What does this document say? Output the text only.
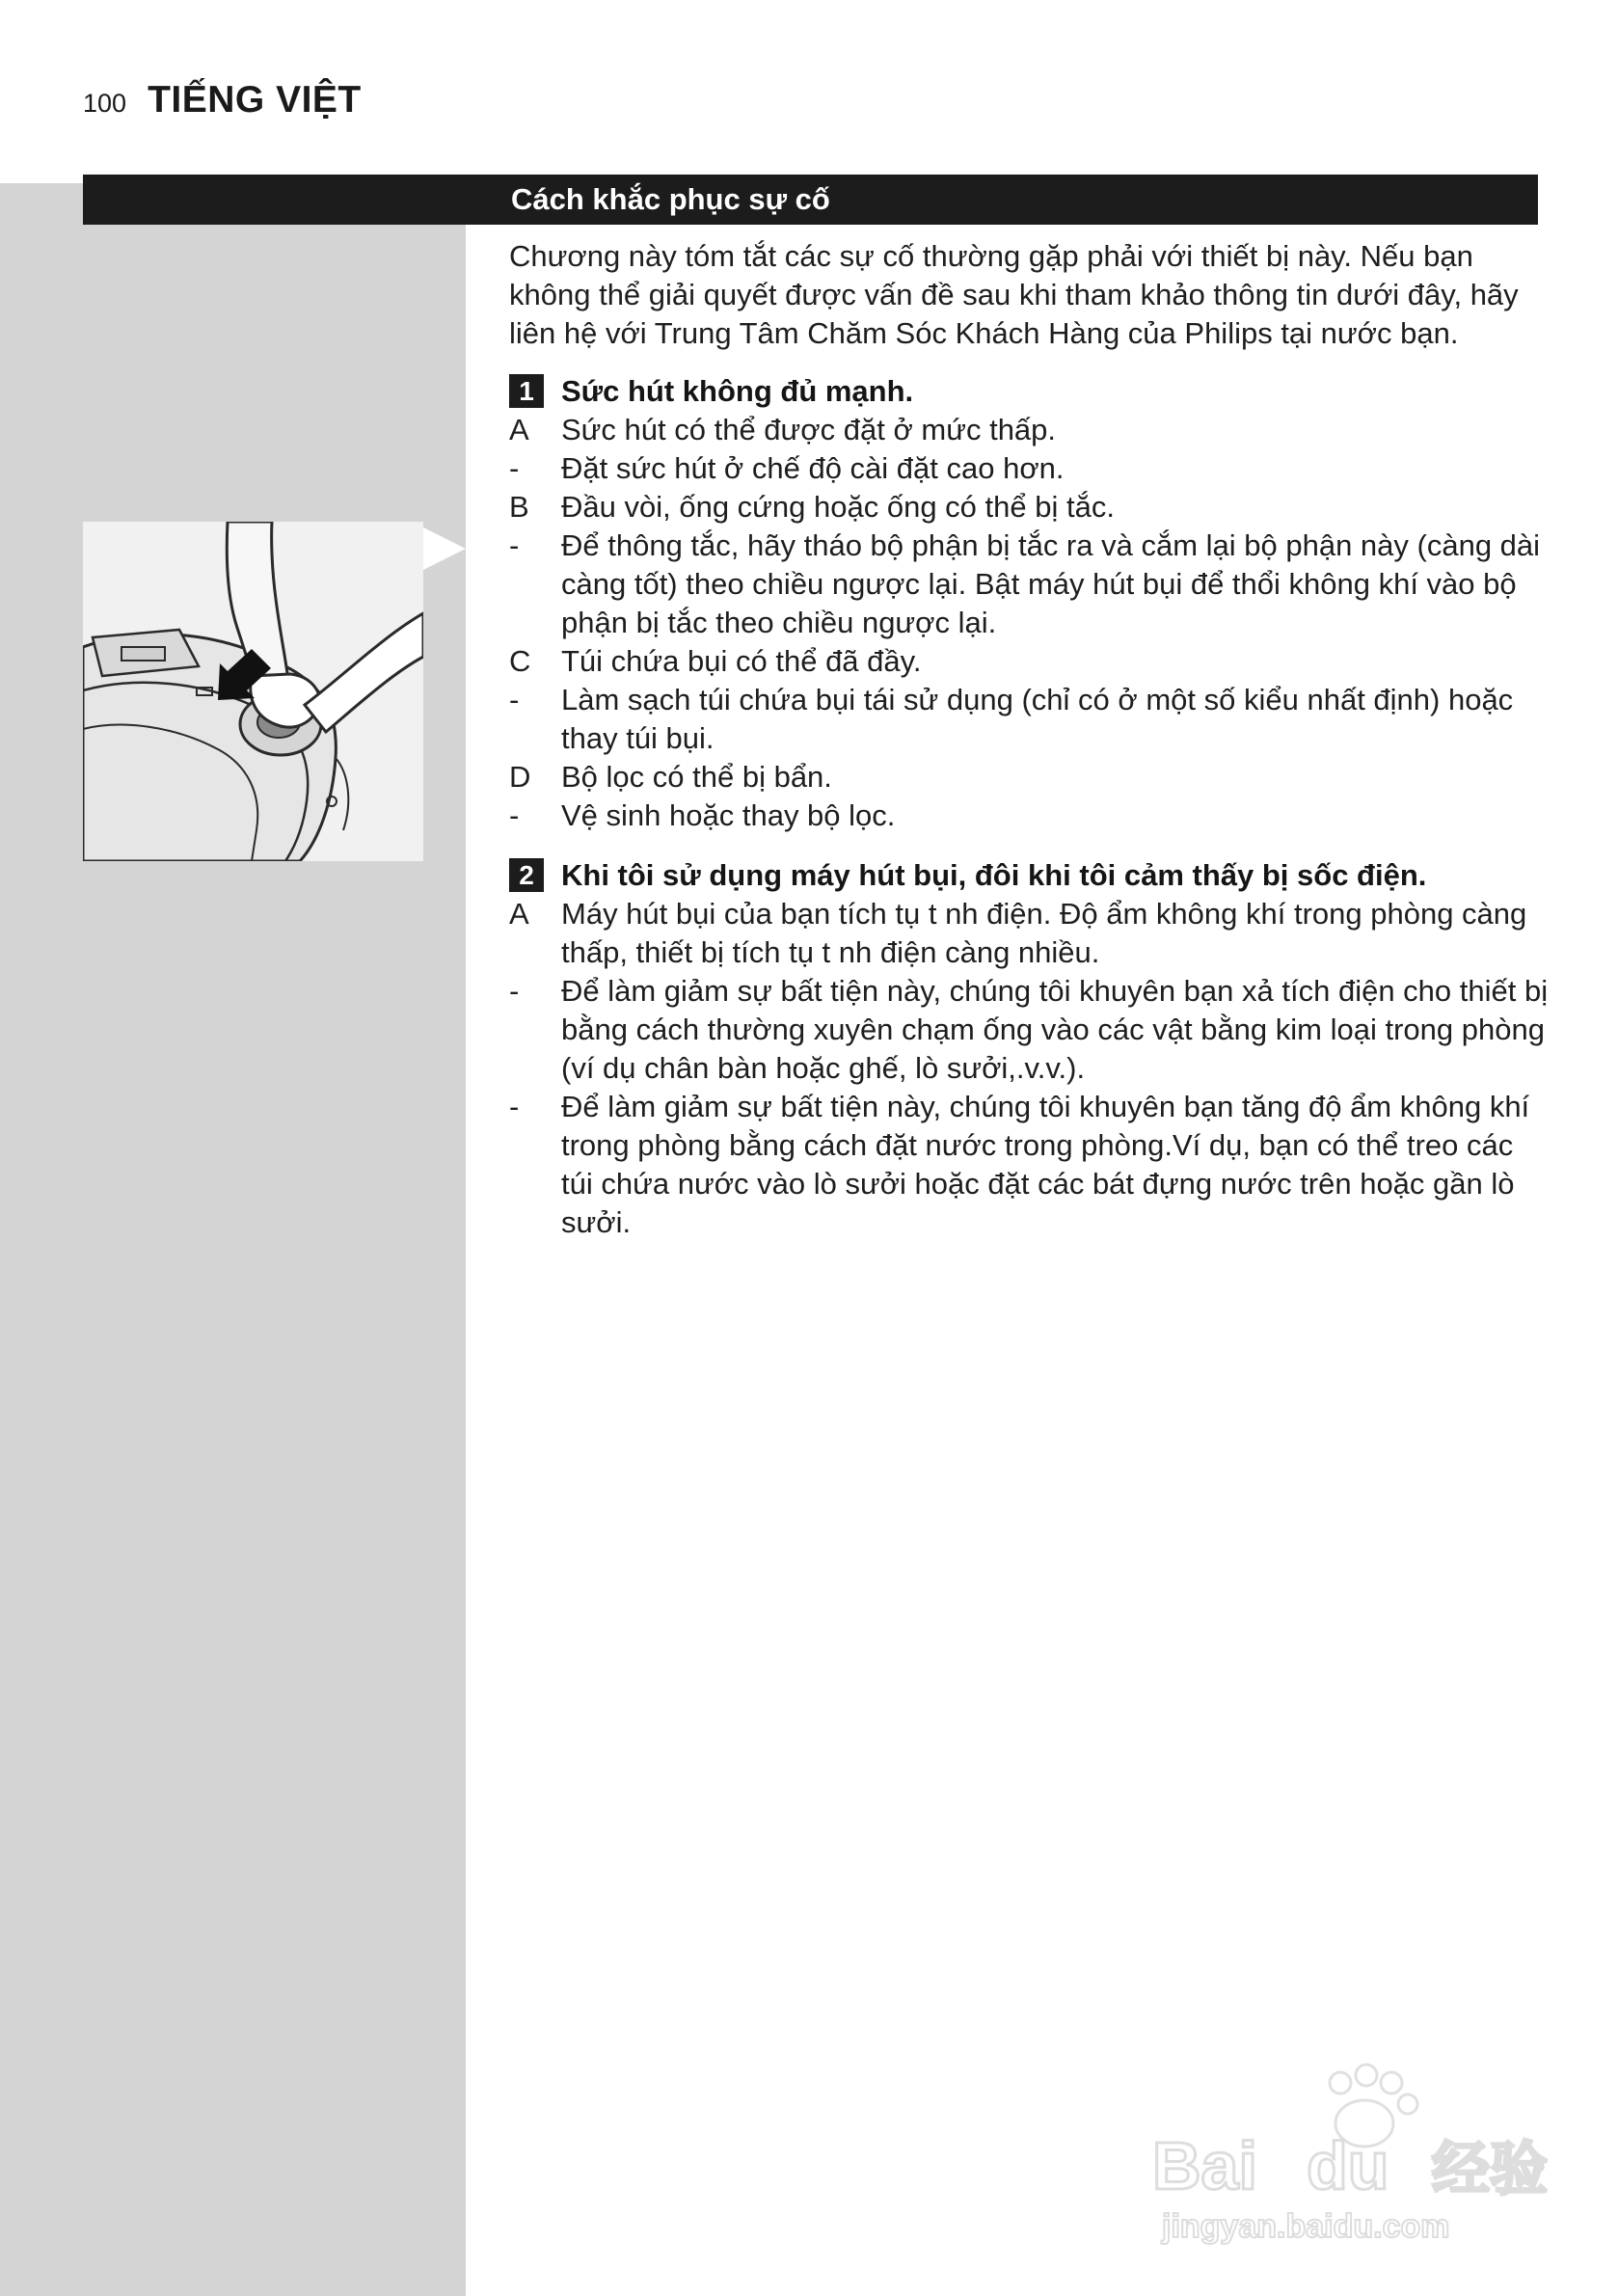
100 TIẾNG VIỆT
Cách khắc phục sự cố

Chương này tóm tắt các sự cố thường gặp phải với thiết bị này. Nếu bạn không thể giải quyết được vấn đề sau khi tham khảo thông tin dưới đây, hãy liên hệ với Trung Tâm Chăm Sóc Khách Hàng của Philips tại nước bạn.

1 Sức hút không đủ mạnh.
A	Sức hút có thể được đặt ở mức thấp.
-	Đặt sức hút ở chế độ cài đặt cao hơn.
B	Đầu vòi, ống cứng hoặc ống có thể bị tắc.
-	Để thông tắc, hãy tháo bộ phận bị tắc ra và cắm lại bộ phận này (càng dài càng tốt) theo chiều ngược lại. Bật máy hút bụi để thổi không khí vào bộ phận bị tắc theo chiều ngược lại.
C	Túi chứa bụi có thể đã đầy.
-	Làm sạch túi chứa bụi tái sử dụng (chỉ có ở một số kiểu nhất định) hoặc thay túi bụi.
D	Bộ lọc có thể bị bẩn.
-	Vệ sinh hoặc thay bộ lọc.
2 Khi tôi sử dụng máy hút bụi, đôi khi tôi cảm thấy bị sốc điện.
A	Máy hút bụi của bạn tích tụ t nh điện. Độ ẩm không khí trong phòng càng thấp, thiết bị tích tụ t nh điện càng nhiều.
-	Để làm giảm sự bất tiện này, chúng tôi khuyên bạn xả tích điện cho thiết bị bằng cách thường xuyên chạm ống vào các vật bằng kim loại trong phòng (ví dụ chân bàn hoặc ghế, lò sưởi,.v.v.).
-	Để làm giảm sự bất tiện này, chúng tôi khuyên bạn tăng độ ẩm không khí trong phòng bằng cách đặt nước trong phòng.Ví dụ, bạn có thể treo các túi chứa nước vào lò sưởi hoặc đặt các bát đựng nước trên hoặc gần lò sưởi.
Bai du 经验
jingyan.baidu.com
